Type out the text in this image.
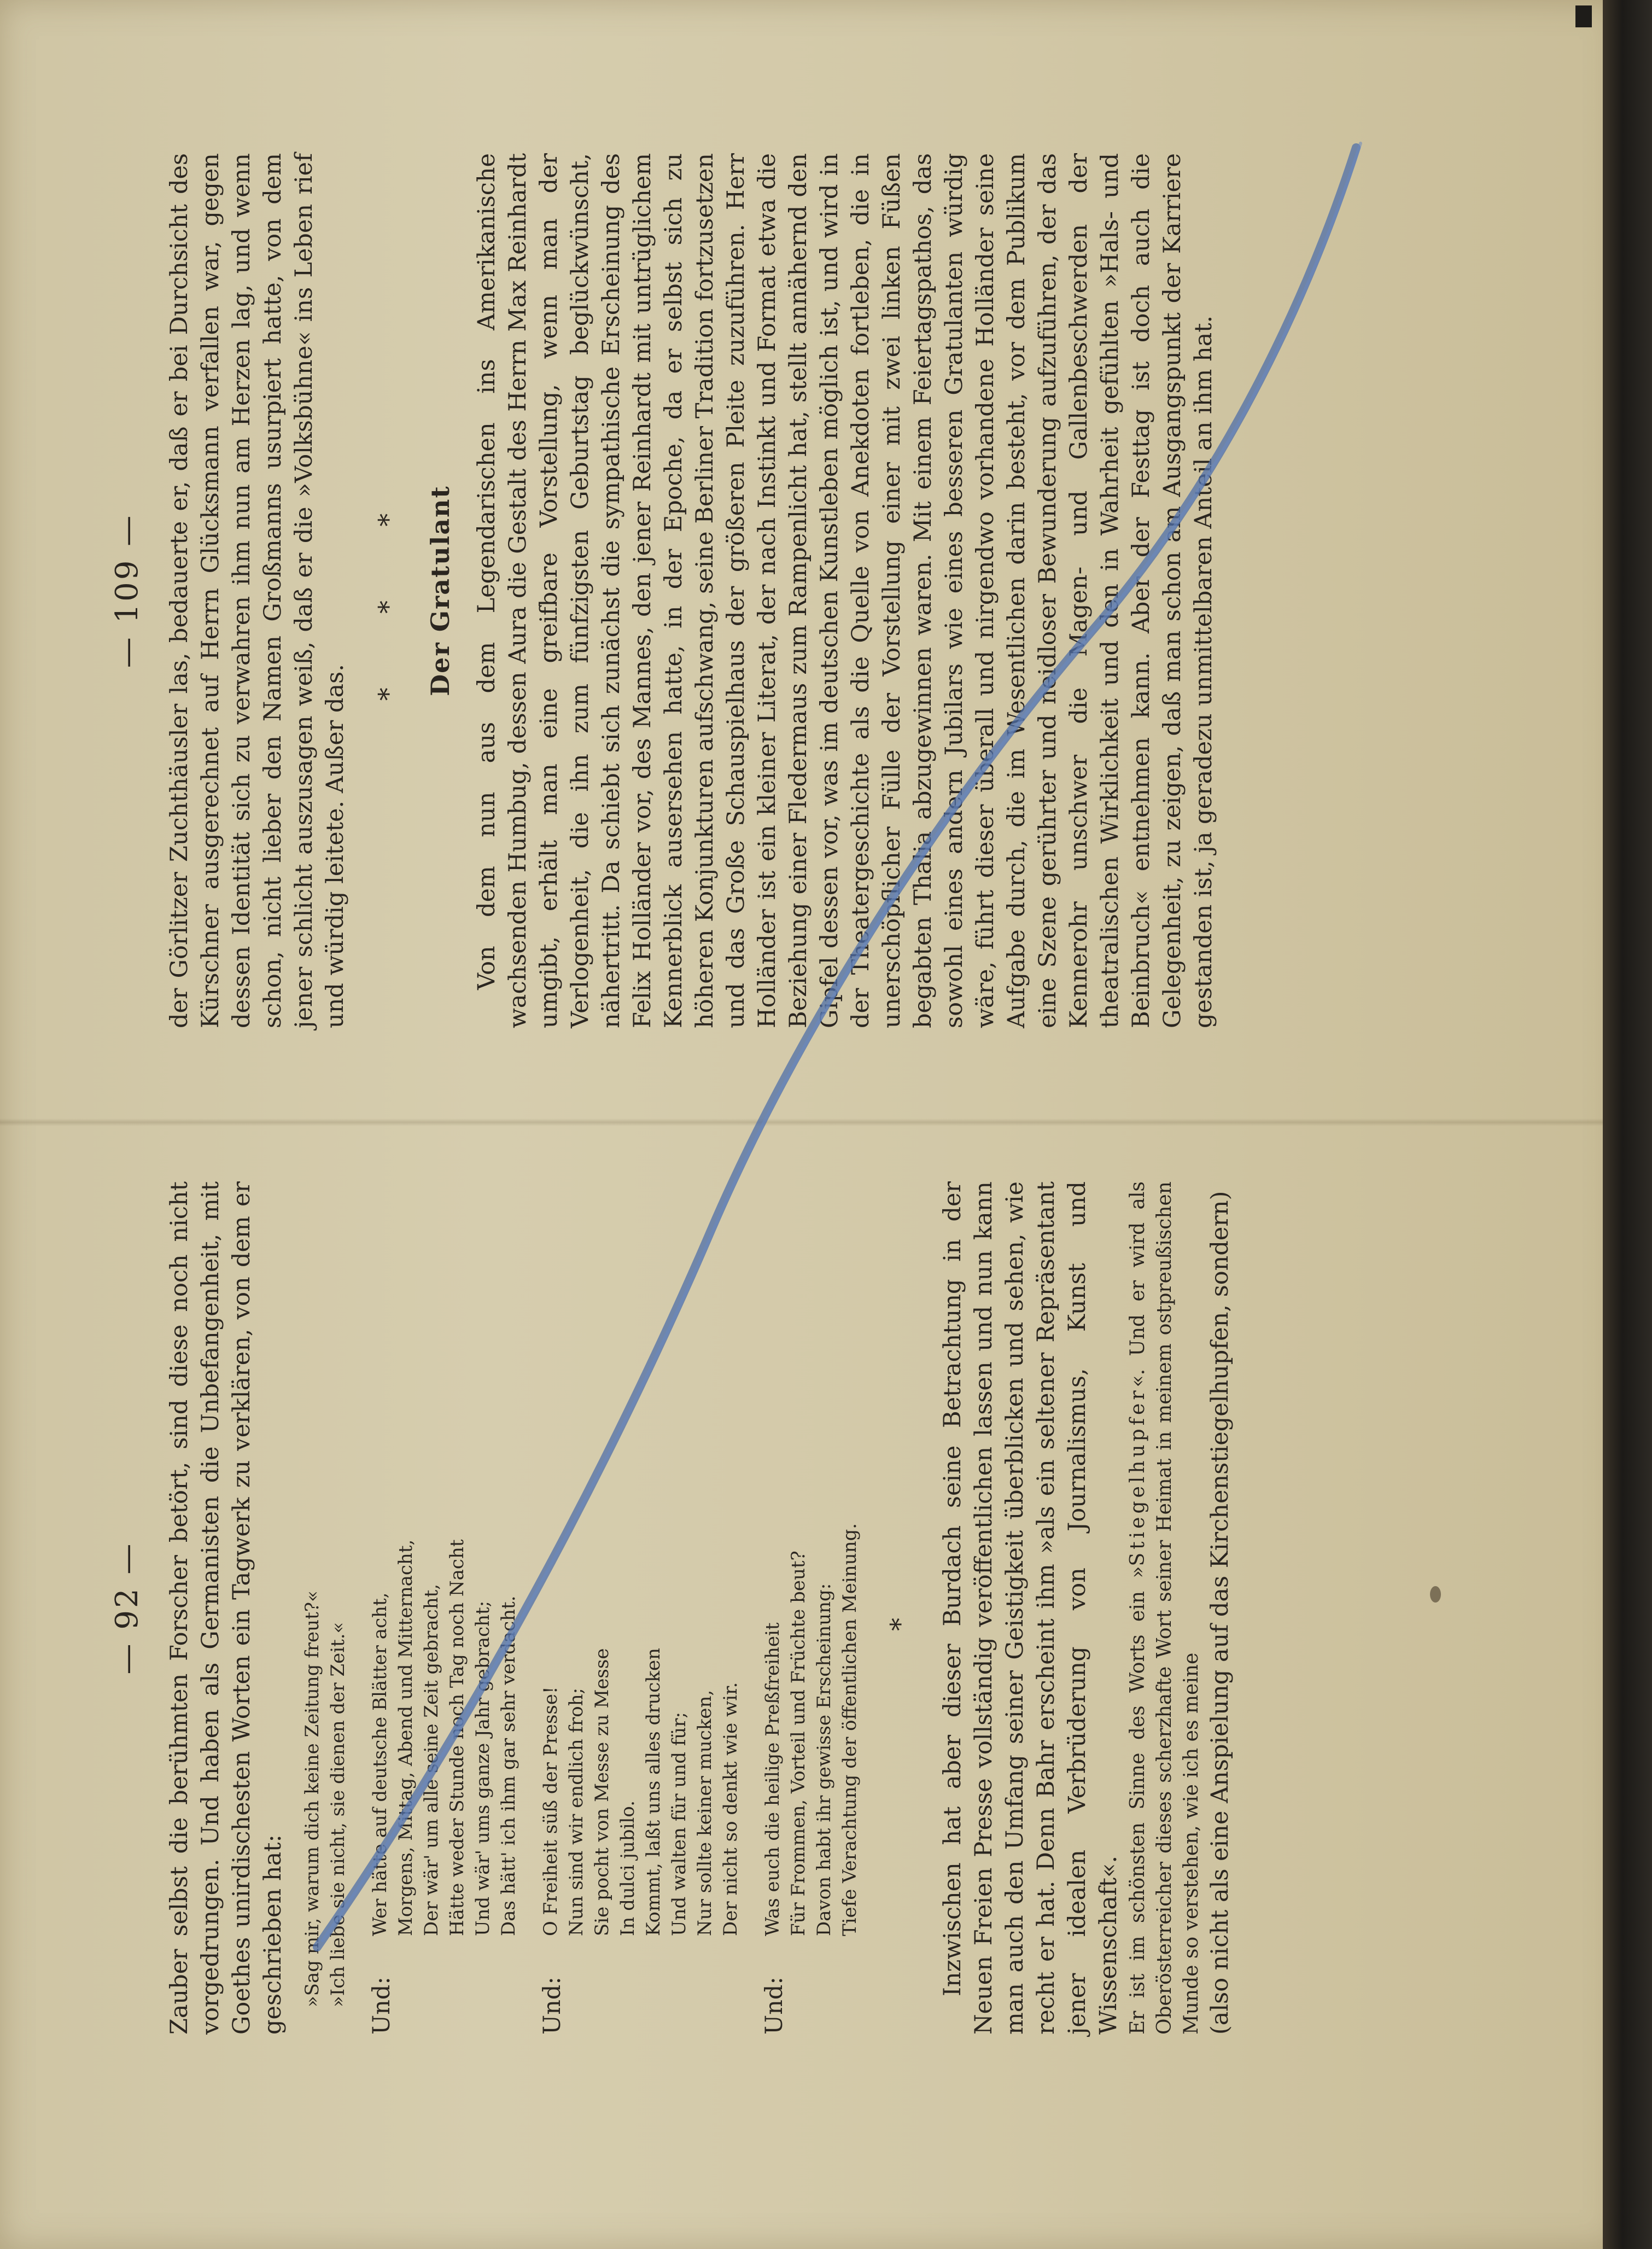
— 92 — Zauber selbst die berühmten Forscher betört, sind diese noch nicht vorgedrungen. Und haben als Germanisten die Unbefangenheit, mit Goethes unirdischesten Worten ein Tagwerk zu verklären, von dem er geschrieben hat: »Sag mir, warum dich keine Zeitung freut?« »Ich liebe sie nicht, sie dienen der Zeit.« Und:
Wer hätte auf deutsche Blätter acht, Morgens, Mittag, Abend und Mitternacht, Der wär' um alle seine Zeit gebracht, Hätte weder Stunde noch Tag noch Nacht Und wär' ums ganze Jahr gebracht; Das hätt' ich ihm gar sehr verdacht.
Und:
O Freiheit süß der Presse! Nun sind wir endlich froh; Sie pocht von Messe zu Messe In dulci jubilo. Kommt, laßt uns alles drucken Und walten für und für; Nur sollte keiner mucken, Der nicht so denkt wie wir.
Und:
Was euch die heilige Preßfreiheit Für Frommen, Vorteil und Früchte beut? Davon habt ihr gewisse Erscheinung: Tiefe Verachtung der öffentlichen Meinung. * Inzwischen hat aber dieser Burdach seine Betrachtung in der Neuen Freien Presse vollständig veröffentlichen lassen und nun kann man auch den Umfang seiner Geistigkeit überblicken und sehen, wie recht er hat. Denn Bahr erscheint ihm »als ein seltener Repräsentant jener idealen Verbrüderung von Journalismus, Kunst und Wissenschaft«. Er ist im schönsten Sinne des Worts ein »Stiegelhupfer«. Und er wird als Oberösterreicher dieses scherzhafte Wort seiner Heimat in meinem ostpreußischen Munde so verstehen, wie ich es meine (also nicht als eine Anspielung auf das Kirchenstiegelhupfen, sondern)

— 109 — der Görlitzer Zuchthäusler las, bedauerte er, daß er bei Durchsicht des Kürschner ausgerechnet auf Herrn Glücksmann verfallen war, gegen dessen Identität sich zu verwahren ihm nun am Herzen lag, und wenn schon, nicht lieber den Namen Großmanns usurpiert hatte, von dem jener schlicht auszusagen weiß, daß er die »Volksbühne« ins Leben rief und würdig leitete. Außer das.

* * * Der Gratulant Von dem nun aus dem Legendarischen ins Amerikanische wachsenden Humbug, dessen Aura die Gestalt des Herrn Max Reinhardt umgibt, erhält man eine greifbare Vorstellung, wenn man der Verlogenheit, die ihn zum fünfzigsten Geburtstag beglückwünscht, nähertritt. Da schiebt sich zunächst die sympathische Erscheinung des Felix Holländer vor, des Mannes, den jener Reinhardt mit untrüglichem Kennerblick ausersehen hatte, in der Epoche, da er selbst sich zu höheren Konjunkturen aufschwang, seine Berliner Tradition fortzusetzen und das Große Schauspielhaus der größeren Pleite zuzuführen. Herr Holländer ist ein kleiner Literat, der nach Instinkt und Format etwa die Beziehung einer Fledermaus zum Rampenlicht hat, stellt annähernd den Gipfel dessen vor, was im deutschen Kunstleben möglich ist, und wird in der Theatergeschichte als die Quelle von Anekdoten fortleben, die in unerschöpflicher Fülle der Vorstellung einer mit zwei linken Füßen begabten Thalia abzugewinnen waren. Mit einem Feiertagspathos, das sowohl eines andern Jubilars wie eines besseren Gratulanten würdig wäre, führt dieser überall und nirgendwo vorhandene Holländer seine Aufgabe durch, die im Wesentlichen darin besteht, vor dem Publikum eine Szene gerührter und neidloser Bewunderung aufzuführen, der das Kennerohr unschwer die Magen- und Gallenbeschwerden der theatralischen Wirklichkeit und den in Wahrheit gefühlten »Hals- und Beinbruch« entnehmen kann. Aber der Festtag ist doch auch die Gelegenheit, zu zeigen, daß man schon am Ausgangspunkt der Karriere gestanden ist, ja geradezu unmittelbaren Anteil an ihm hat.
